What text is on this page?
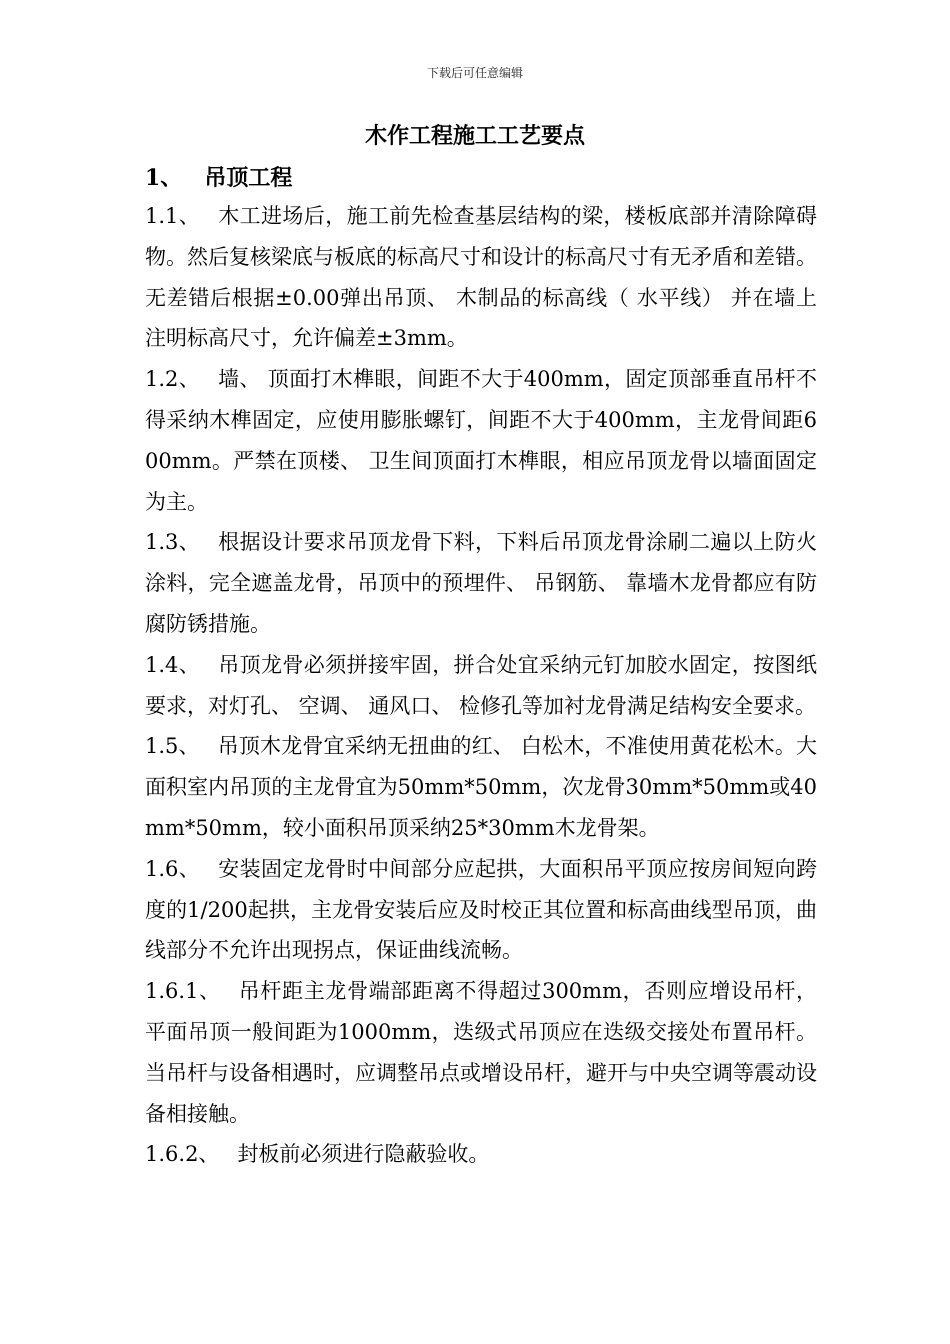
下载后可任意编辑
木作工程施工工艺要点
1、 吊顶工程

1.1、 木工进场后，施工前先检查基层结构的梁，楼板底部并清除障碍物。然后复核梁底与板底的标高尺寸和设计的标高尺寸有无矛盾和差错。无差错后根据±0.00弹出吊顶、 木制品的标高线（ 水平线） 并在墙上注明标高尺寸，允许偏差±3mm。

1.2、 墙、 顶面打木榫眼，间距不大于400mm，固定顶部垂直吊杆不得采纳木榫固定，应使用膨胀螺钉，间距不大于400mm，主龙骨间距600mm。严禁在顶楼、 卫生间顶面打木榫眼，相应吊顶龙骨以墙面固定为主。

1.3、 根据设计要求吊顶龙骨下料，下料后吊顶龙骨涂刷二遍以上防火涂料，完全遮盖龙骨，吊顶中的预埋件、 吊钢筋、 靠墙木龙骨都应有防腐防锈措施。

1.4、 吊顶龙骨必须拼接牢固，拼合处宜采纳元钉加胶水固定，按图纸要求，对灯孔、 空调、 通风口、 检修孔等加衬龙骨满足结构安全要求。

1.5、 吊顶木龙骨宜采纳无扭曲的红、 白松木，不准使用黄花松木。大面积室内吊顶的主龙骨宜为50mm*50mm，次龙骨30mm*50mm或40mm*50mm，较小面积吊顶采纳25*30mm木龙骨架。

1.6、 安装固定龙骨时中间部分应起拱，大面积吊平顶应按房间短向跨度的1/200起拱，主龙骨安装后应及时校正其位置和标高曲线型吊顶，曲线部分不允许出现拐点，保证曲线流畅。

1.6.1、 吊杆距主龙骨端部距离不得超过300mm，否则应增设吊杆，平面吊顶一般间距为1000mm，迭级式吊顶应在迭级交接处布置吊杆。当吊杆与设备相遇时，应调整吊点或增设吊杆，避开与中央空调等震动设备相接触。

1.6.2、 封板前必须进行隐蔽验收。
